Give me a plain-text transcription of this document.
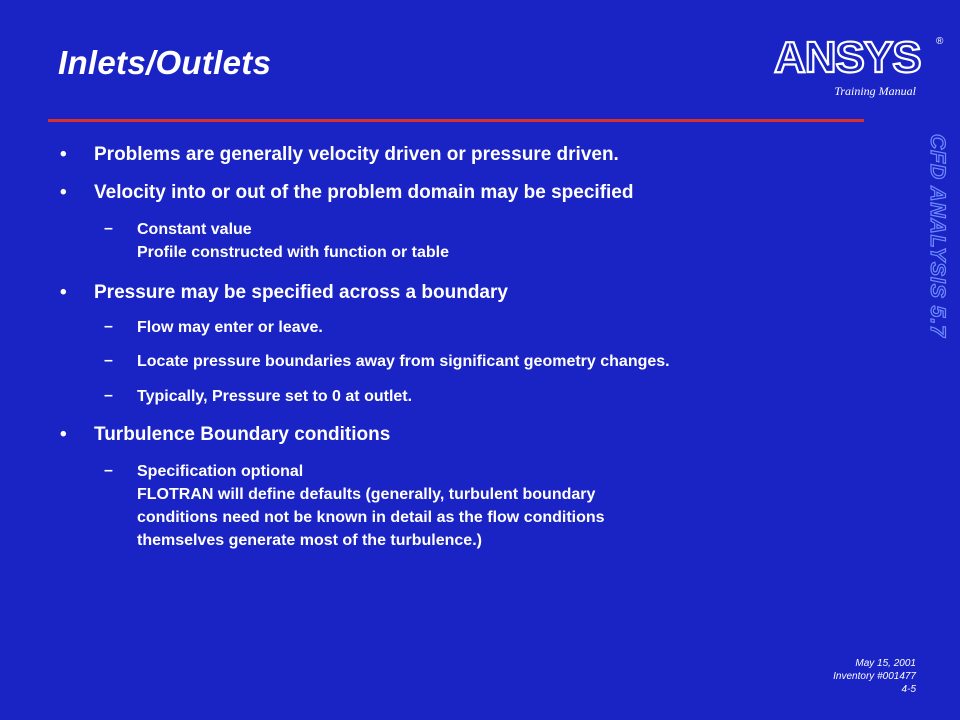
Inlets/Outlets	ANSYS ®
Training Manual
CFD ANALYSIS 5.7
• Problems are generally velocity driven or pressure driven.
• Velocity into or out of the problem domain may be specified
– Constant value
Profile constructed with function or table
• Pressure may be specified across a boundary
– Flow may enter or leave.
– Locate pressure boundaries away from significant geometry changes.
– Typically, Pressure set to 0 at outlet.
• Turbulence Boundary conditions
– Specification optional
FLOTRAN will define defaults (generally, turbulent boundary
conditions need not be known in detail as the flow conditions
themselves generate most of the turbulence.)
May 15, 2001
Inventory #001477
4-5
